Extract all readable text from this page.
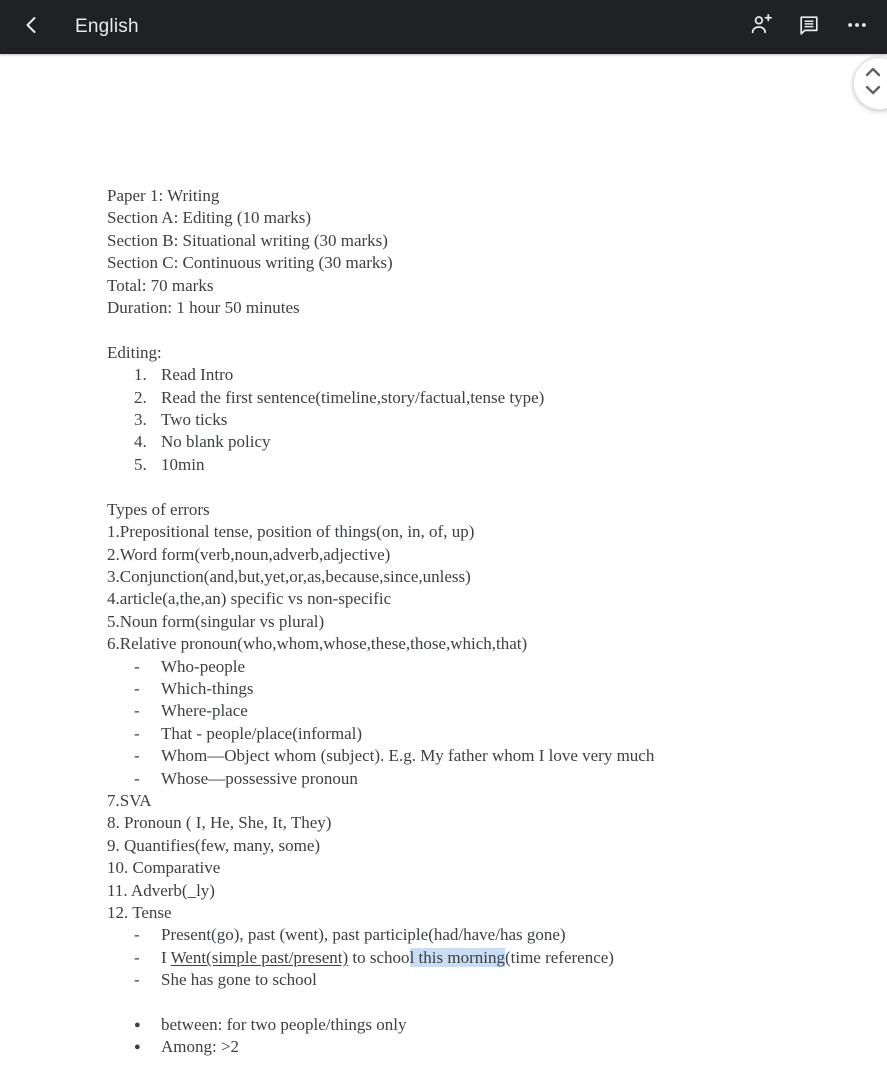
English
Paper 1: Writing
Section A: Editing (10 marks)
Section B: Situational writing (30 marks)
Section C: Continuous writing (30 marks)
Total: 70 marks
Duration: 1 hour 50 minutes

Editing:
1. Read Intro
2. Read the first sentence(timeline,story/factual,tense type)
3. Two ticks
4. No blank policy
5. 10min

Types of errors
1.Prepositional tense, position of things(on, in, of, up)
2.Word form(verb,noun,adverb,adjective)
3.Conjunction(and,but,yet,or,as,because,since,unless)
4.article(a,the,an) specific vs non-specific
5.Noun form(singular vs plural)
6.Relative pronoun(who,whom,whose,these,those,which,that)
-	Who-people
-	Which-things
-	Where-place
-	That - people/place(informal)
-	Whom—Object whom (subject). E.g. My father whom I love very much
-	Whose—possessive pronoun
7.SVA
8. Pronoun ( I, He, She, It, They)
9. Quantifies(few, many, some)
10. Comparative
11. Adverb(_ly)
12. Tense
-	Present(go), past (went), past participle(had/have/has gone)
-	I Went(simple past/present) to school this morning(time reference)
-	She has gone to school

●	between: for two people/things only
●	Among: >2
